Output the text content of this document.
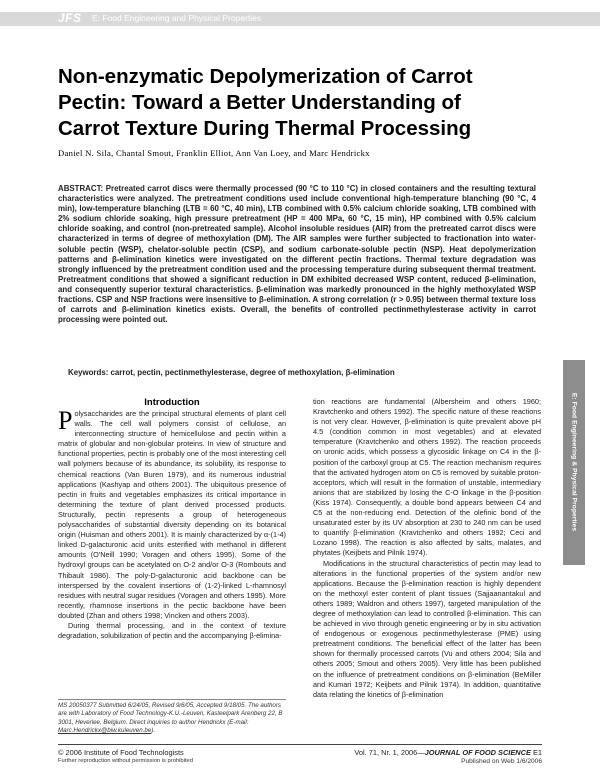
JFS E: Food Engineering and Physical Properties
Non-enzymatic Depolymerization of Carrot
Pectin: Toward a Better Understanding of
Carrot Texture During Thermal Processing
Daniel N. Sila, Chantal Smout, Franklin Elliot, Ann Van Loey, and Marc Hendrickx
ABSTRACT: Pretreated carrot discs were thermally processed (90 °C to 110 °C) in closed containers and the resulting textural characteristics were analyzed. The pretreatment conditions used include conventional high-temperature blanching (90 °C, 4 min), low-temperature blanching (LTB = 60 °C, 40 min), LTB combined with 0.5% calcium chloride soaking, LTB combined with 2% sodium chloride soaking, high pressure pretreatment (HP = 400 MPa, 60 °C, 15 min), HP combined with 0.5% calcium chloride soaking, and control (non-pretreated sample). Alcohol insoluble residues (AIR) from the pretreated carrot discs were characterized in terms of degree of methoxylation (DM). The AIR samples were further subjected to fractionation into water-soluble pectin (WSP), chelator-soluble pectin (CSP), and sodium carbonate-soluble pectin (NSP). Heat depolymerization patterns and β-elimination kinetics were investigated on the different pectin fractions. Thermal texture degradation was strongly influenced by the pretreatment condition used and the processing temperature during subsequent thermal treatment. Pretreatment conditions that showed a significant reduction in DM exhibited decreased WSP content, reduced β-elimination, and consequently superior textural characteristics. β-elimination was markedly pronounced in the highly methoxylated WSP fractions. CSP and NSP fractions were insensitive to β-elimination. A strong correlation (r > 0.95) between thermal texture loss of carrots and β-elimination kinetics exists. Overall, the benefits of controlled pectinmethylesterase activity in carrot processing were pointed out.
Keywords: carrot, pectin, pectinmethylesterase, degree of methoxylation, β-elimination
E: Food Engineering & Physical Properties
Introduction

Polysaccharides are the principal structural elements of plant cell walls. The cell wall polymers consist of cellulose, an interconnecting structure of hemicellulose and pectin within a matrix of globular and non-globular proteins. In view of structure and functional properties, pectin is probably one of the most interesting cell wall polymers because of its abundance, its solubility, its response to chemical reactions (Van Buren 1979), and its numerous industrial applications (Kashyap and others 2001). The ubiquitous presence of pectin in fruits and vegetables emphasizes its critical importance in determining the texture of plant derived processed products. Structurally, pectin represents a group of heterogeneous polysaccharides of substantial diversity depending on its botanical origin (Huisman and others 2001). It is mainly characterized by α-(1-4) linked D-galacturonic acid units esterified with methanol in different amounts (O'Neill 1990; Voragen and others 1995). Some of the hydroxyl groups can be acetylated on O-2 and/or O-3 (Rombouts and Thibault 1986). The poly-D-galacturonic acid backbone can be interspersed by the covalent insertions of (1-2)-linked L-rhamnosyl residues with neutral sugar residues (Voragen and others 1995). More recently, rhamnose insertions in the pectic backbone have been doubted (Zhan and others 1998; Vincken and others 2003).

During thermal processing, and in the context of texture degradation, solubilization of pectin and the accompanying β-elimina-

tion reactions are fundamental (Albersheim and others 1960; Kravtchenko and others 1992). The specific nature of these reactions is not very clear. However, β-elimination is quite prevalent above pH 4.5 (condition common in most vegetables) and at elevated temperature (Kravtchenko and others 1992). The reaction proceeds on uronic acids, which possess a glycosidic linkage on C4 in the β-position of the carboxyl group at C5. The reaction mechanism requires that the activated hydrogen atom on C5 is removed by suitable proton-acceptors, which will result in the formation of unstable, intermediary anions that are stabilized by losing the C-O linkage in the β-position (Kiss 1974). Consequently, a double bond appears between C4 and C5 at the non-reducing end. Detection of the olefinic bond of the unsaturated ester by its UV absorption at 230 to 240 nm can be used to quantify β-elimination (Kravtchenko and others 1992; Ceci and Lozano 1998). The reaction is also affected by salts, malates, and phytates (Keijbets and Pilnik 1974).

Modifications in the structural characteristics of pectin may lead to alterations in the functional properties of the system and/or new applications. Because the β-elimination reaction is highly dependent on the methoxyl ester content of plant tissues (Sajjaanantakul and others 1989; Waldron and others 1997), targeted manipulation of the degree of methoxylation can lead to controlled β-elimination. This can be achieved in vivo through genetic engineering or by in situ activation of endogenous or exogenous pectinmethylesterase (PME) using pretreatment conditions. The beneficial effect of the latter has been shown for thermally processed carrots (Vu and others 2004; Sila and others 2005; Smout and others 2005). Very little has been published on the influence of pretreatment conditions on β-elimination (BeMiller and Kumari 1972; Keijbets and Pilnik 1974). In addition, quantitative data relating the kinetics of β-elimination

MS 20050377 Submitted 6/24/05, Revised 9/6/05, Accepted 9/18/05. The authors are with Laboratory of Food Technology-K.U.-Leuven, Kasteelpark Arenberg 22, B 3001, Heverlee, Belgium. Direct inquiries to author Hendrickx (E-mail: Marc.Hendrickx@biw.kuleuven.be).
© 2006 Institute of Food Technologists
Further reproduction without permission is prohibited
Vol. 71, Nr. 1, 2006—JOURNAL OF FOOD SCIENCE E1
Published on Web 1/6/2006
